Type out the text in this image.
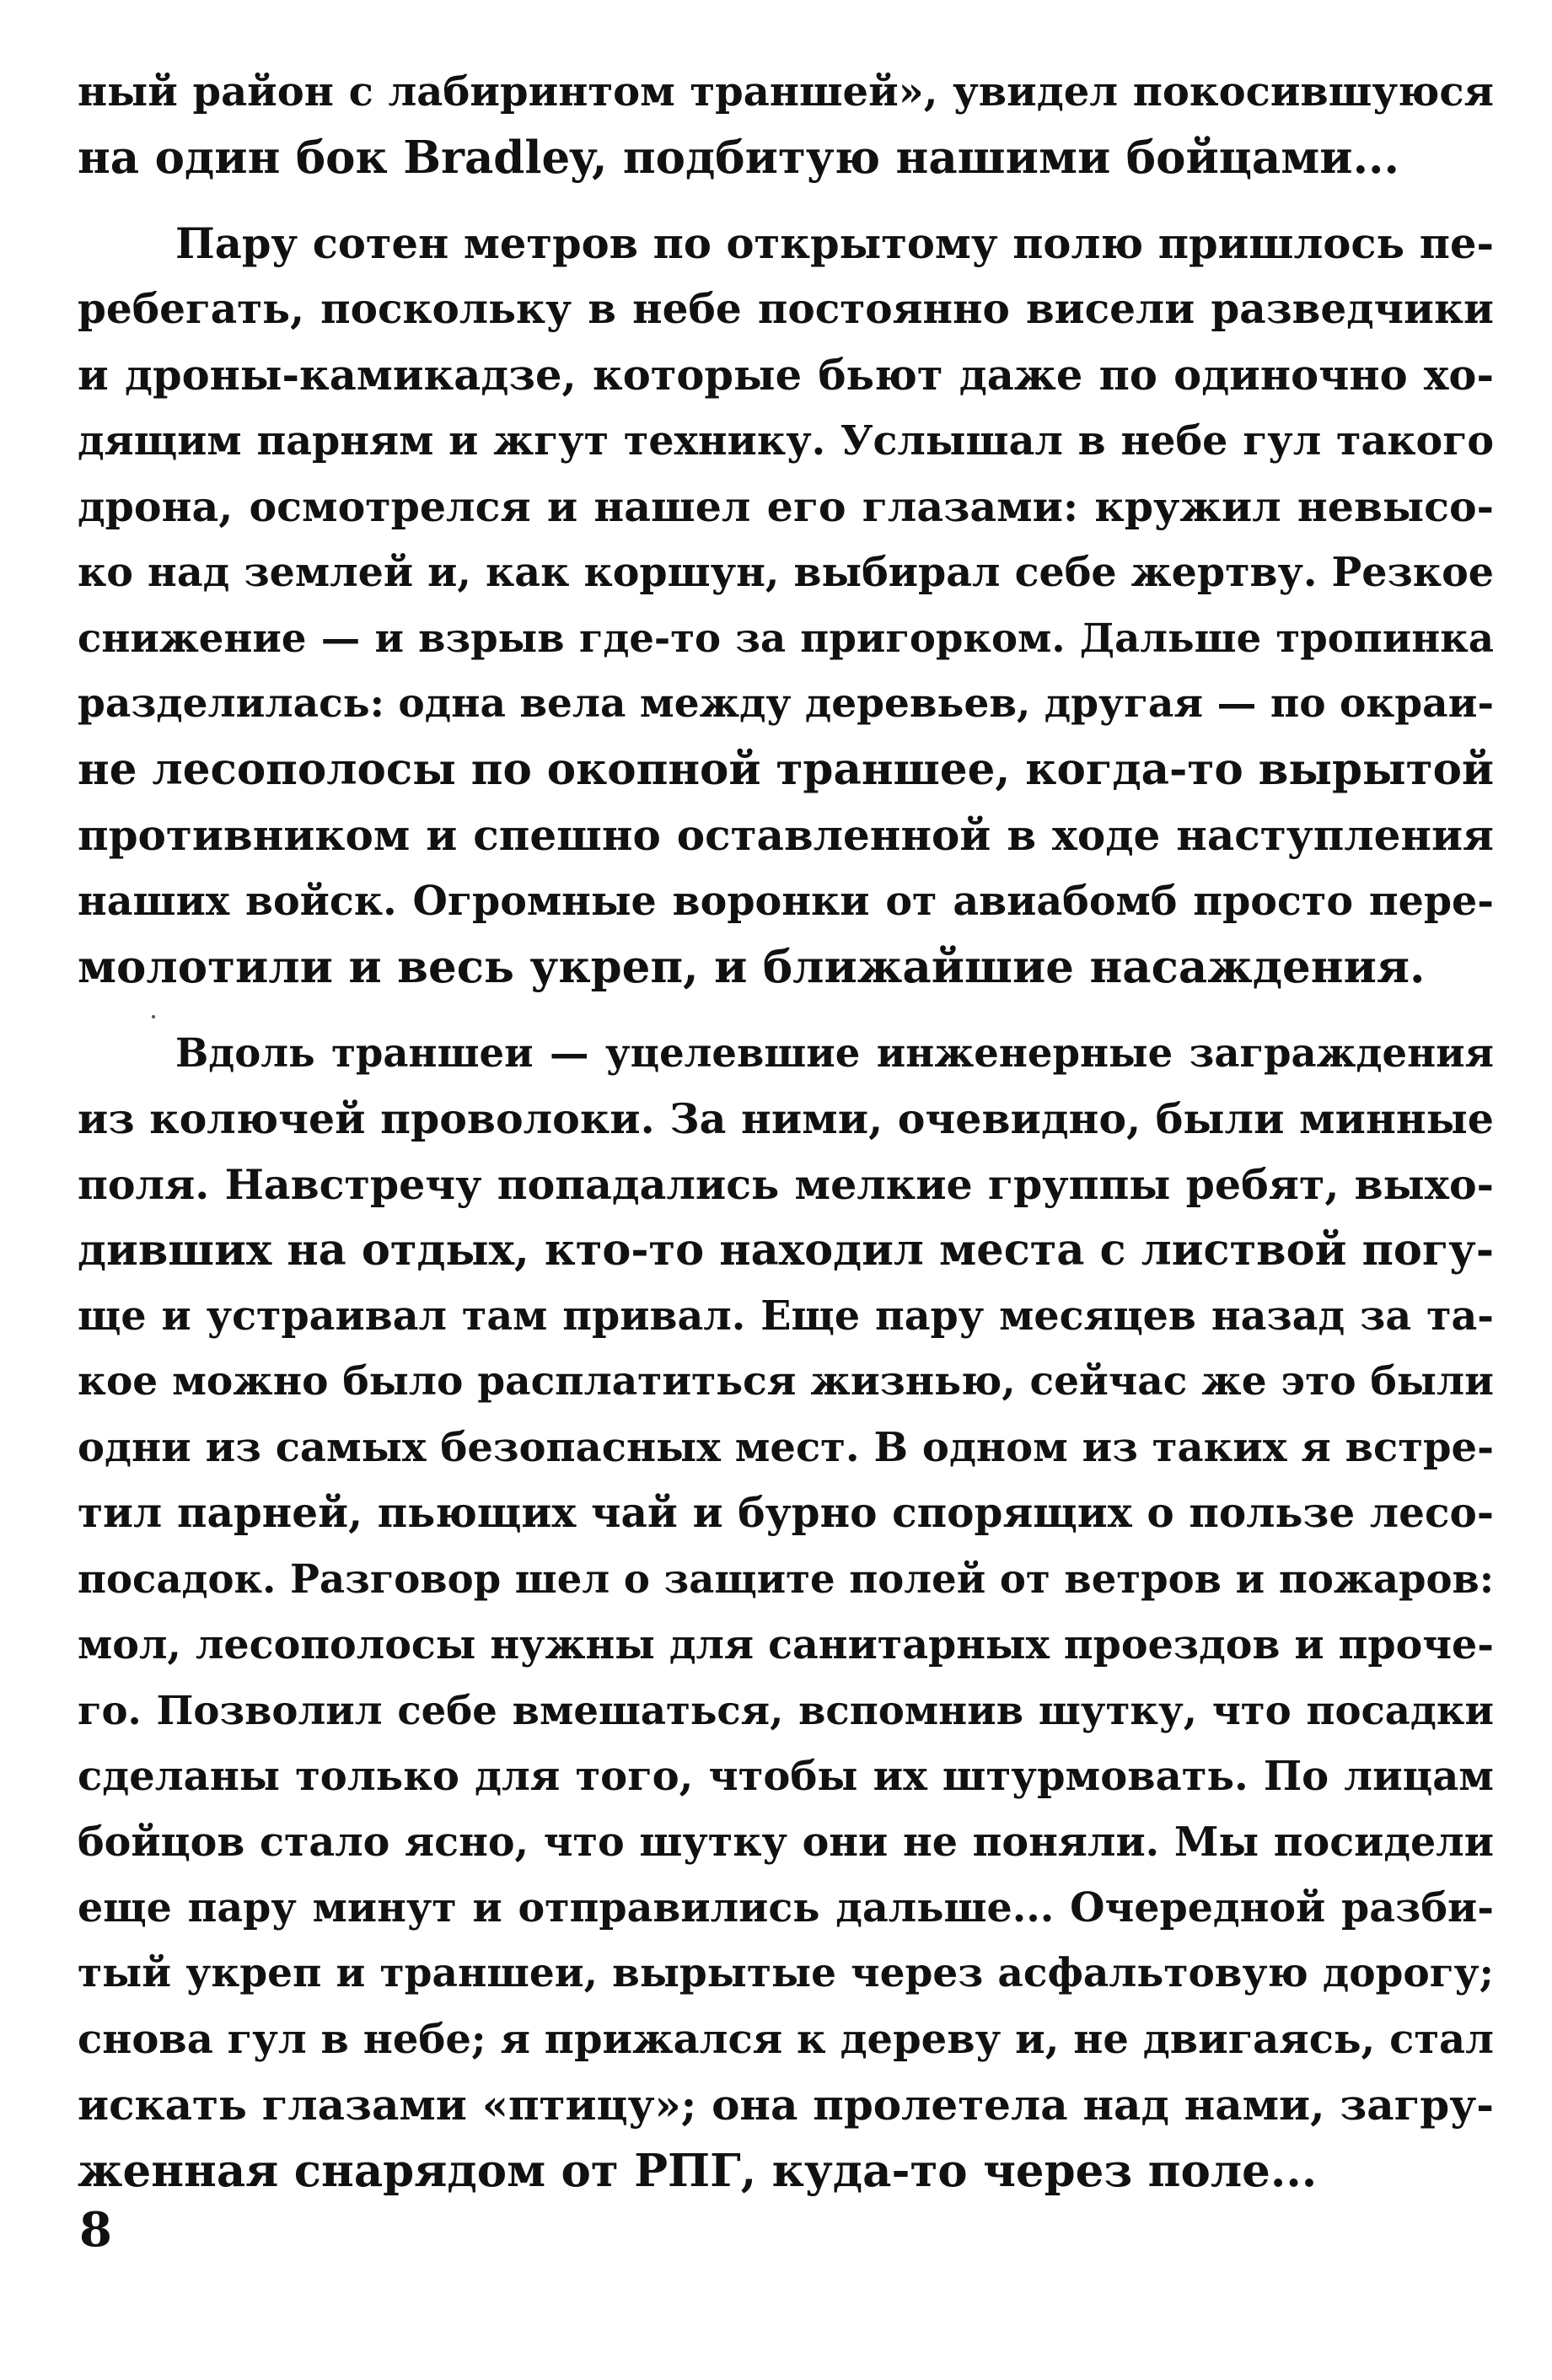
ный район с лабиринтом траншей», увидел покосившуюся
на один бок Bradley, подбитую нашими бойцами...
Пару сотен метров по открытому полю пришлось пе-
ребегать, поскольку в небе постоянно висели разведчики
и дроны-камикадзе, которые бьют даже по одиночно хо-
дящим парням и жгут технику. Услышал в небе гул такого
дрона, осмотрелся и нашел его глазами: кружил невысо-
ко над землей и, как коршун, выбирал себе жертву. Резкое
снижение — и взрыв где-то за пригорком. Дальше тропинка
разделилась: одна вела между деревьев, другая — по окраи-
не лесополосы по окопной траншее, когда-то вырытой
противником и спешно оставленной в ходе наступления
наших войск. Огромные воронки от авиабомб просто пере-
молотили и весь укреп, и ближайшие насаждения.
Вдоль траншеи — уцелевшие инженерные заграждения
из колючей проволоки. За ними, очевидно, были минные
поля. Навстречу попадались мелкие группы ребят, выхо-
дивших на отдых, кто-то находил места с листвой погу-
ще и устраивал там привал. Еще пару месяцев назад за та-
кое можно было расплатиться жизнью, сейчас же это были
одни из самых безопасных мест. В одном из таких я встре-
тил парней, пьющих чай и бурно спорящих о пользе лесо-
посадок. Разговор шел о защите полей от ветров и пожаров:
мол, лесополосы нужны для санитарных проездов и проче-
го. Позволил себе вмешаться, вспомнив шутку, что посадки
сделаны только для того, чтобы их штурмовать. По лицам
бойцов стало ясно, что шутку они не поняли. Мы посидели
еще пару минут и отправились дальше... Очередной разби-
тый укреп и траншеи, вырытые через асфальтовую дорогу;
снова гул в небе; я прижался к дереву и, не двигаясь, стал
искать глазами «птицу»; она пролетела над нами, загру-
женная снарядом от РПГ, куда-то через поле...
8
